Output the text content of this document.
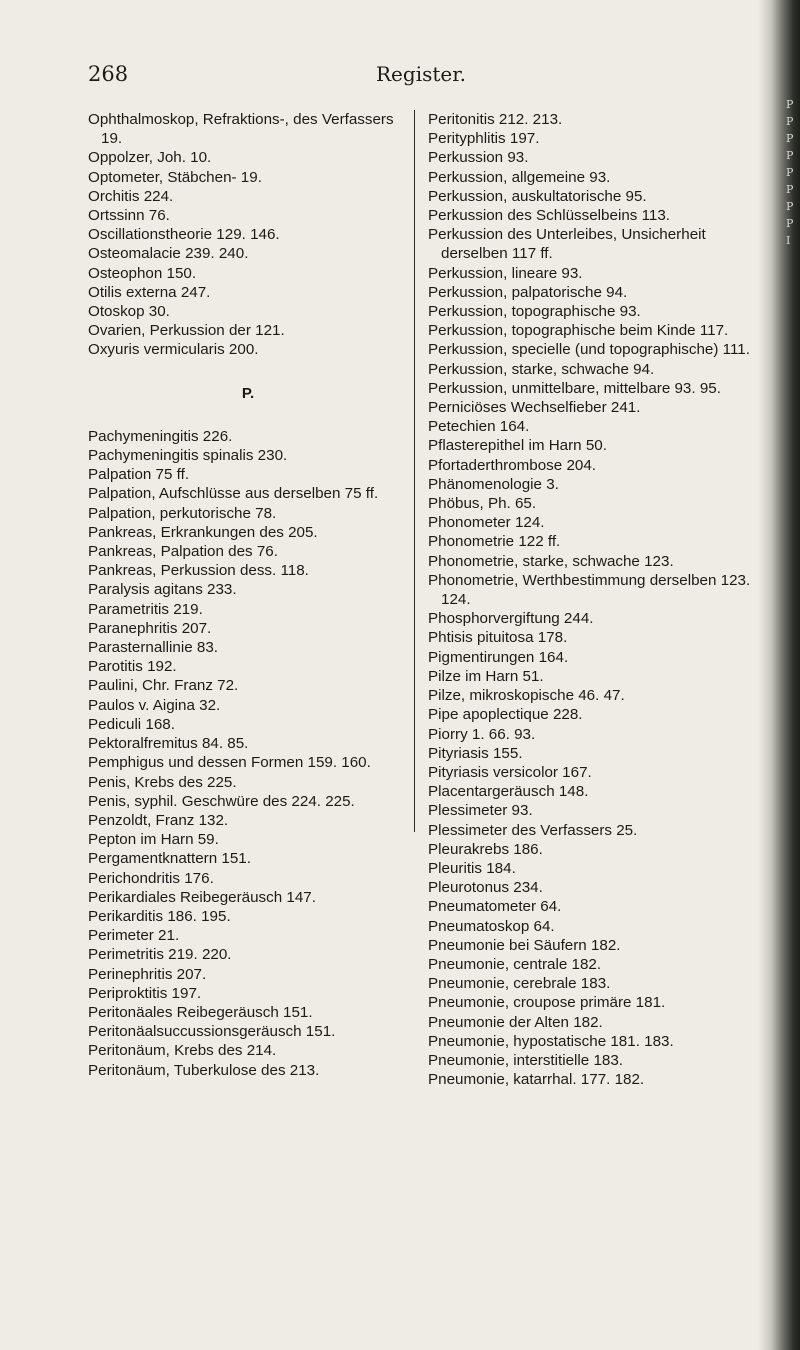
268	Register.
Ophthalmoskop, Refraktions-, des Verfassers 19.
Oppolzer, Joh. 10.
Optometer, Stäbchen- 19.
Orchitis 224.
Ortssinn 76.
Oscillationstheorie 129. 146.
Osteomalacie 239. 240.
Osteophon 150.
Otilis externa 247.
Otoskop 30.
Ovarien, Perkussion der 121.
Oxyuris vermicularis 200.
P.
Pachymeningitis 226.
Pachymeningitis spinalis 230.
Palpation 75 ff.
Palpation, Aufschlüsse aus derselben 75 ff.
Palpation, perkutorische 78.
Pankreas, Erkrankungen des 205.
Pankreas, Palpation des 76.
Pankreas, Perkussion dess. 118.
Paralysis agitans 233.
Parametritis 219.
Paranephritis 207.
Parasternallinie 83.
Parotitis 192.
Paulini, Chr. Franz 72.
Paulos v. Aigina 32.
Pediculi 168.
Pektoralfremitus 84. 85.
Pemphigus und dessen Formen 159. 160.
Penis, Krebs des 225.
Penis, syphil. Geschwüre des 224. 225.
Penzoldt, Franz 132.
Pepton im Harn 59.
Pergamentknattern 151.
Perichondritis 176.
Perikardiales Reibegeräusch 147.
Perikarditis 186. 195.
Perimeter 21.
Perimetritis 219. 220.
Perinephritis 207.
Periproktitis 197.
Peritonäales Reibegeräusch 151.
Peritonäalsuccussionsgeräusch 151.
Peritonäum, Krebs des 214.
Peritonäum, Tuberkulose des 213.
Peritonitis 212. 213.
Perityphlitis 197.
Perkussion 93.
Perkussion, allgemeine 93.
Perkussion, auskultatorische 95.
Perkussion des Schlüsselbeins 113.
Perkussion des Unterleibes, Unsicherheit derselben 117 ff.
Perkussion, lineare 93.
Perkussion, palpatorische 94.
Perkussion, topographische 93.
Perkussion, topographische beim Kinde 117.
Perkussion, specielle (und topographische) 111.
Perkussion, starke, schwache 94.
Perkussion, unmittelbare, mittelbare 93. 95.
Perniciöses Wechselfieber 241.
Petechien 164.
Pflasterepithel im Harn 50.
Pfortaderthrombose 204.
Phänomenologie 3.
Phöbus, Ph. 65.
Phonometer 124.
Phonometrie 122 ff.
Phonometrie, starke, schwache 123.
Phonometrie, Werthbestimmung derselben 123. 124.
Phosphorvergiftung 244.
Phtisis pituitosa 178.
Pigmentirungen 164.
Pilze im Harn 51.
Pilze, mikroskopische 46. 47.
Pipe apoplectique 228.
Piorry 1. 66. 93.
Pityriasis 155.
Pityriasis versicolor 167.
Placentargeräusch 148.
Plessimeter 93.
Plessimeter des Verfassers 25.
Pleurakrebs 186.
Pleuritis 184.
Pleurotonus 234.
Pneumatometer 64.
Pneumatoskop 64.
Pneumonie bei Säufern 182.
Pneumonie, centrale 182.
Pneumonie, cerebrale 183.
Pneumonie, croupose primäre 181.
Pneumonie der Alten 182.
Pneumonie, hypostatische 181. 183.
Pneumonie, interstitielle 183.
Pneumonie, katarrhal. 177. 182.
P
P
P
P
P
P
P
P
I
